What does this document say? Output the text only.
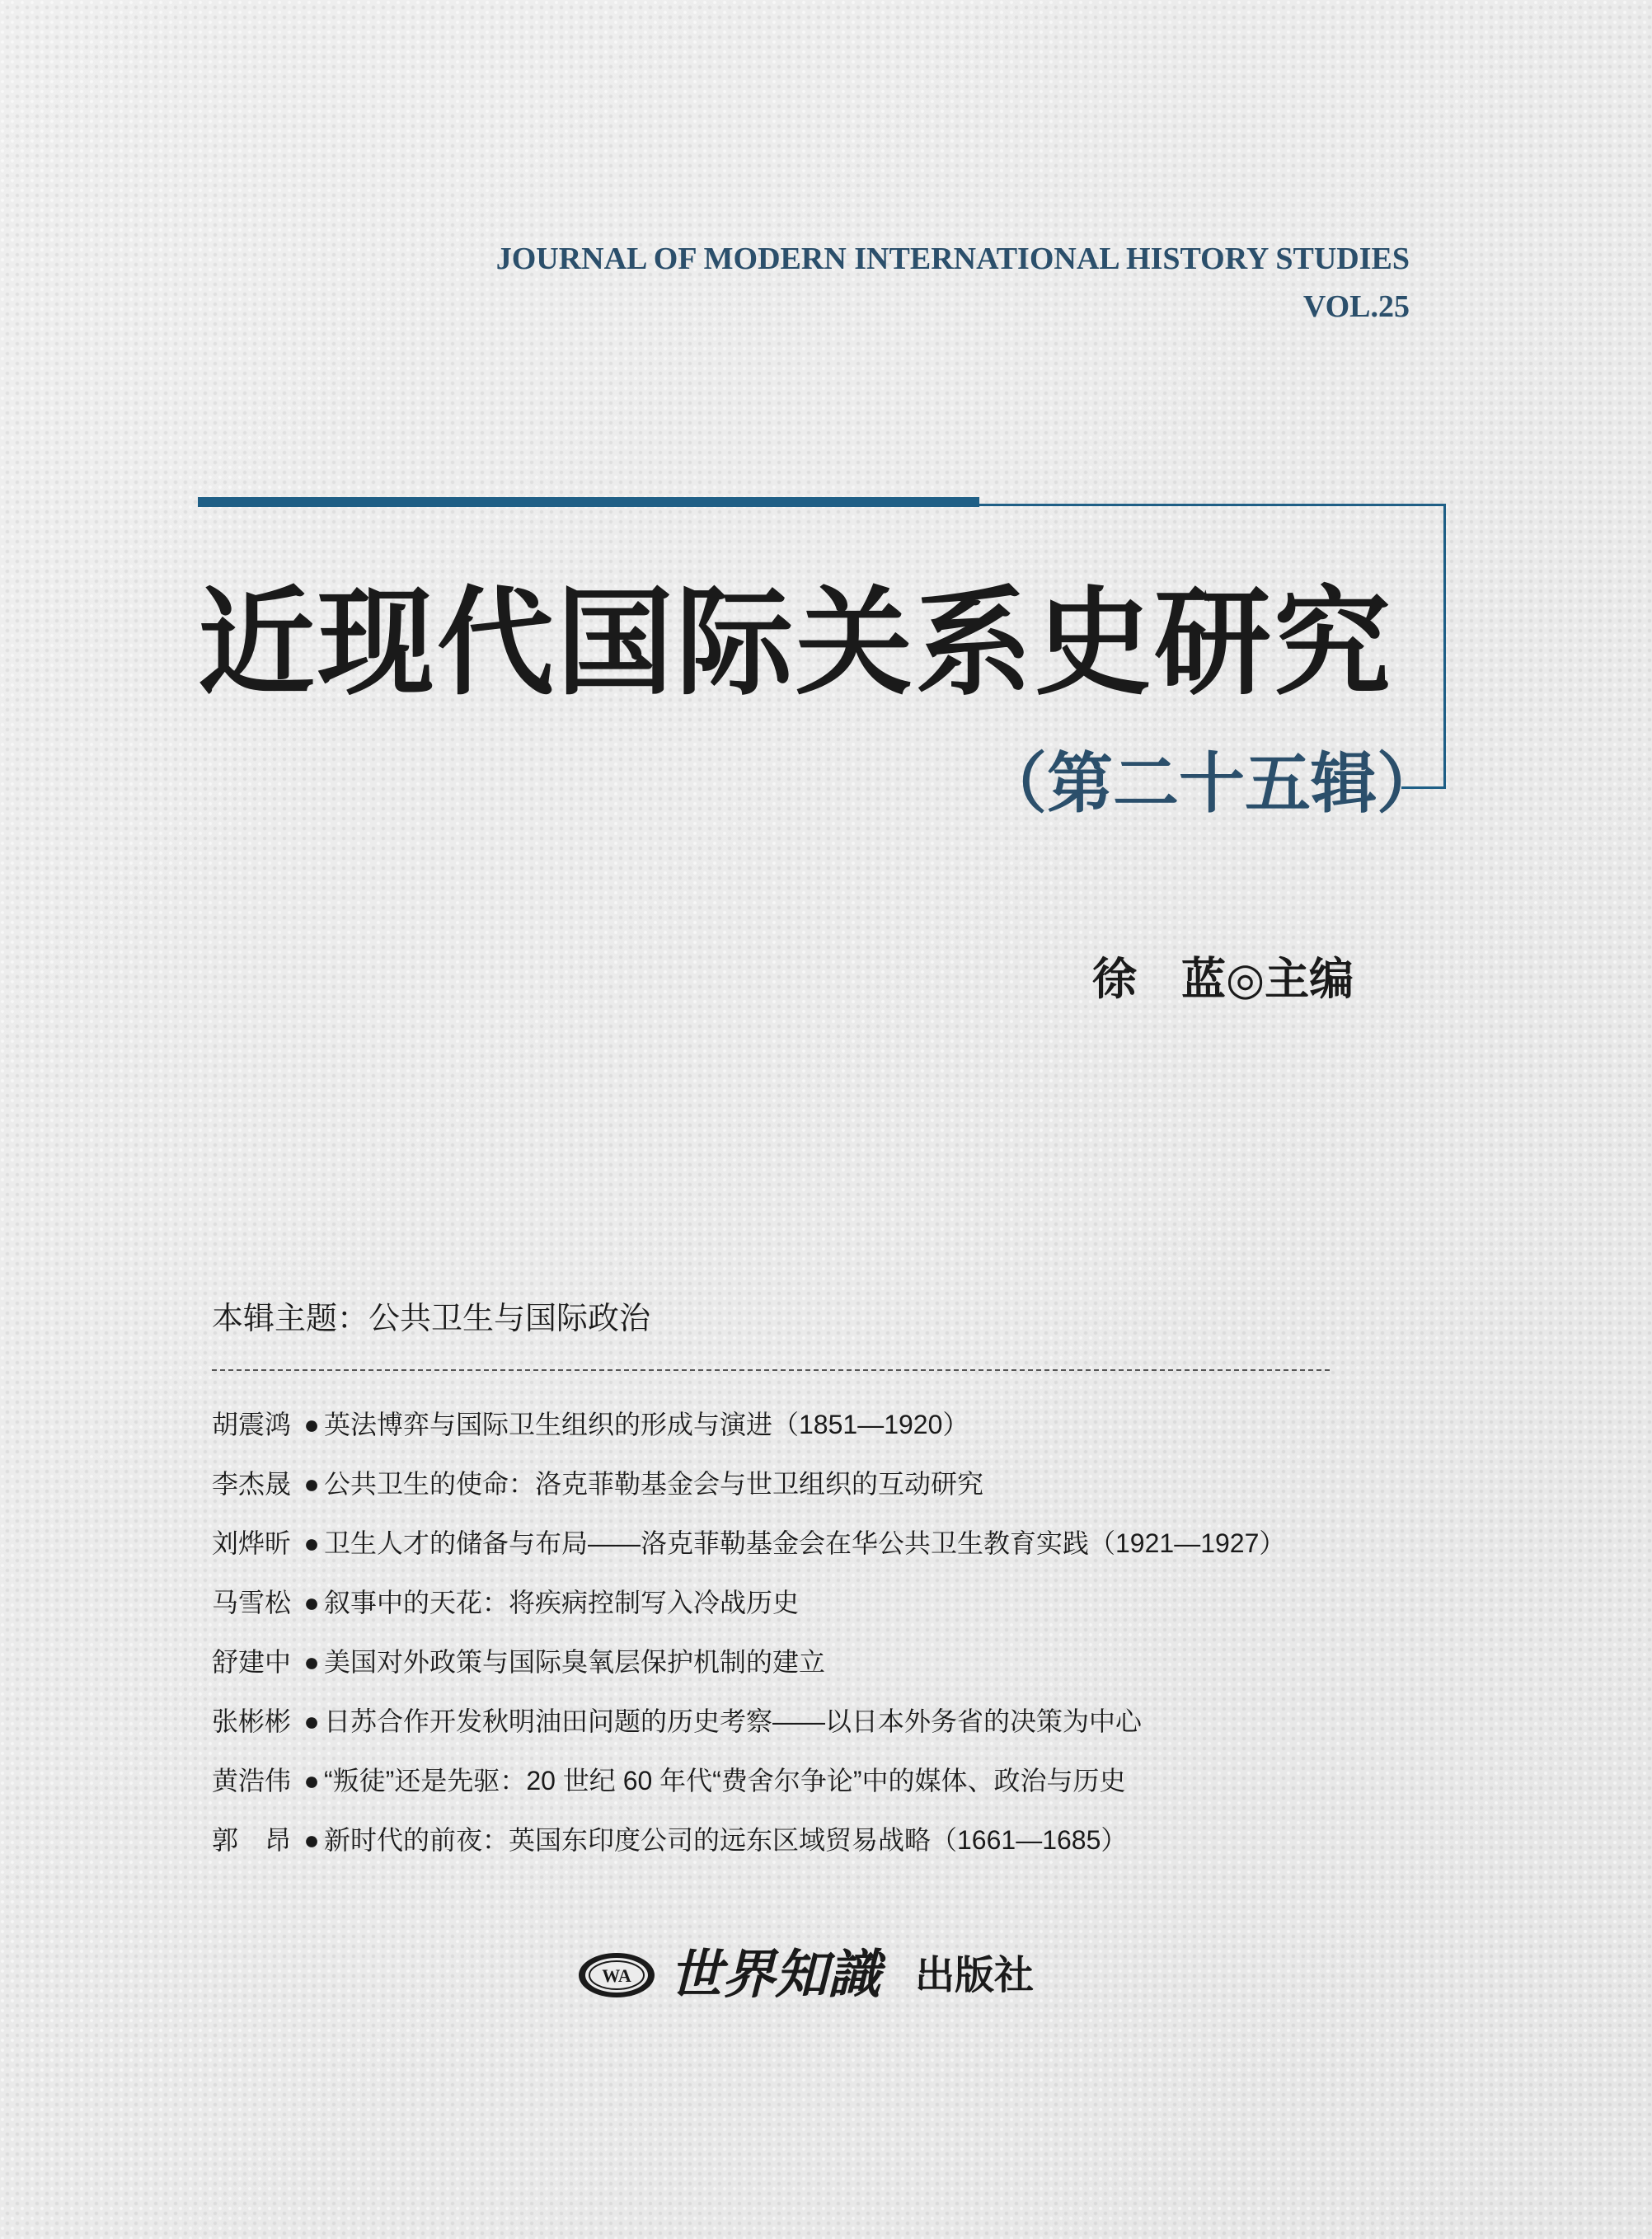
JOURNAL OF MODERN INTERNATIONAL HISTORY STUDIES
VOL.25
近现代国际关系史研究
（第二十五辑）
徐　蓝◎主编
本辑主题：公共卫生与国际政治
胡震鸿 ● 英法博弈与国际卫生组织的形成与演进（1851—1920）
李杰晟 ● 公共卫生的使命：洛克菲勒基金会与世卫组织的互动研究
刘烨昕 ● 卫生人才的储备与布局——洛克菲勒基金会在华公共卫生教育实践（1921—1927）
马雪松 ● 叙事中的天花：将疾病控制写入冷战历史
舒建中 ● 美国对外政策与国际臭氧层保护机制的建立
张彬彬 ● 日苏合作开发秋明油田问题的历史考察——以日本外务省的决策为中心
黄浩伟 ● “叛徒”还是先驱：20 世纪 60 年代“费舍尔争论”中的媒体、政治与历史
郭　昂 ● 新时代的前夜：英国东印度公司的远东区域贸易战略（1661—1685）
WA 世界知識 出版社
